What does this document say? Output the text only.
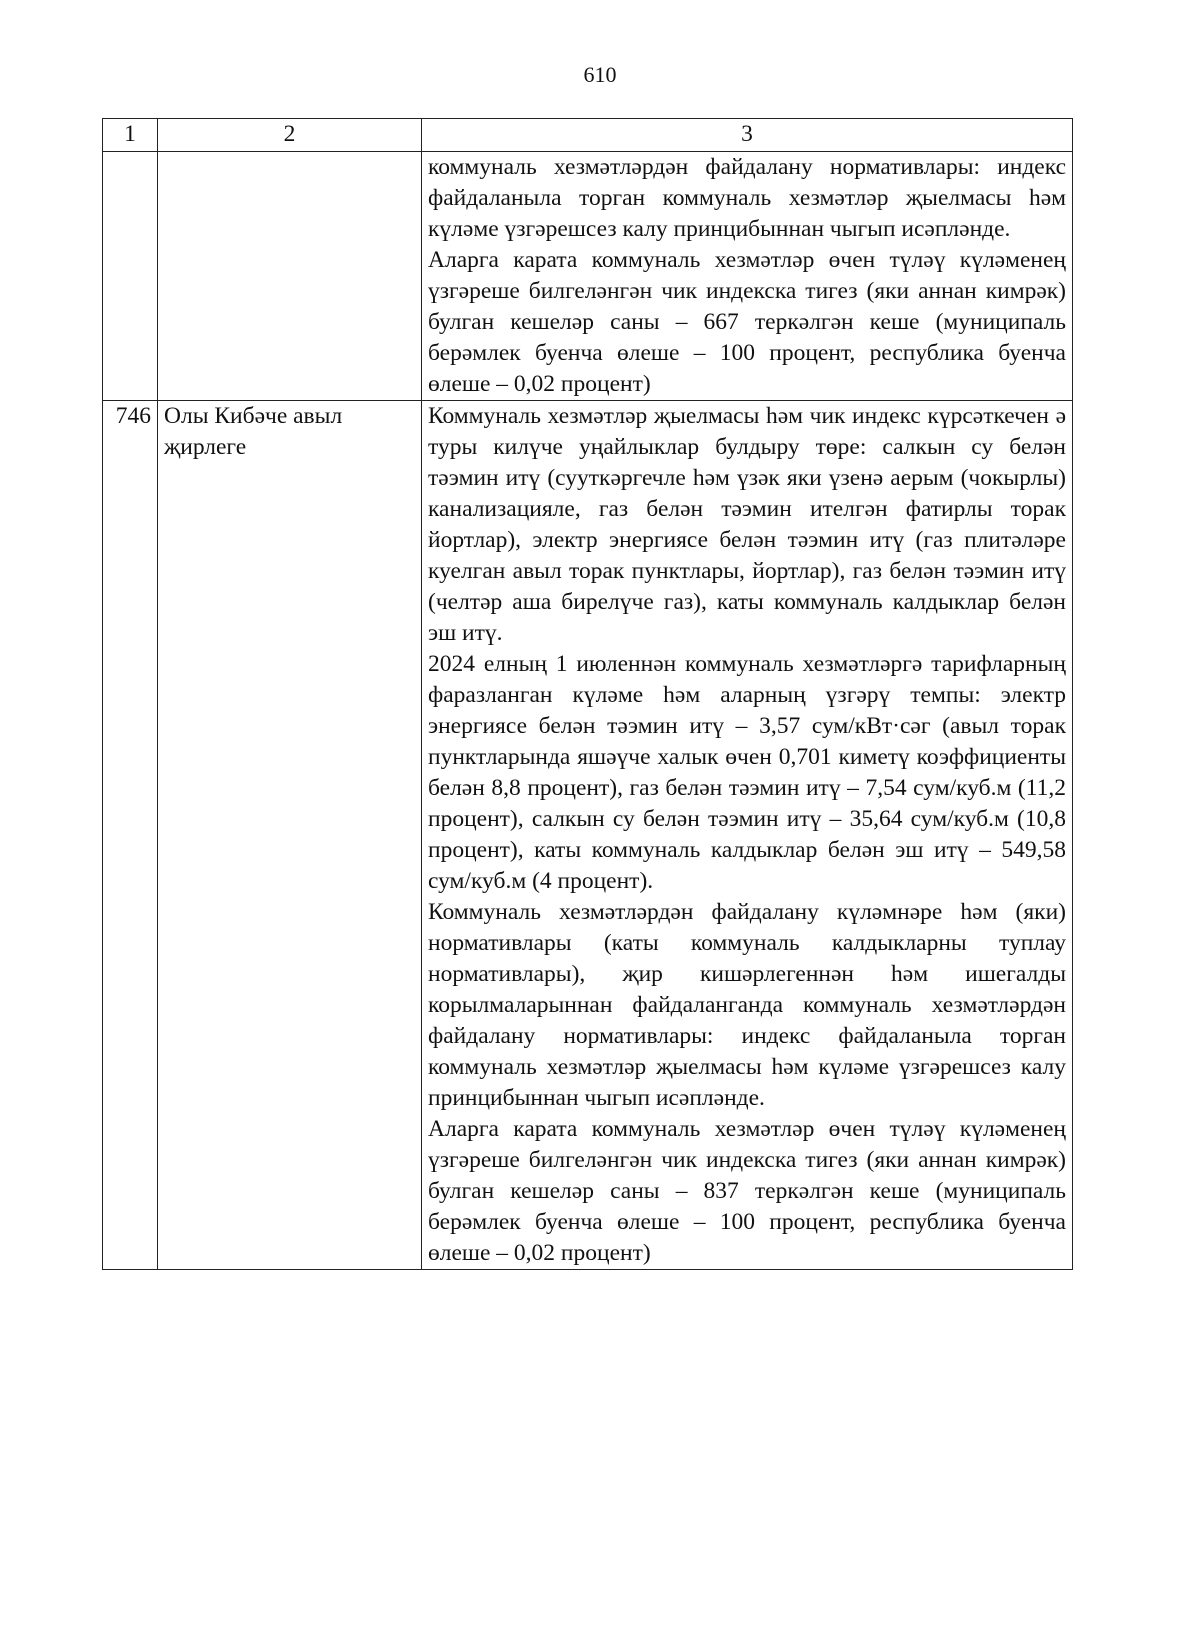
610
1	2	3

		коммуналь хезмәтләрдән файдалану нормативлары: индекс файдаланыла торган коммуналь хезмәтләр җыелмасы һәм күләме үзгәрешсез калу принцибыннан чыгып исәпләнде.

Аларга карата коммуналь хезмәтләр өчен түләү күләменең үзгәреше билгеләнгән чик индекска тигез (яки аннан кимрәк) булган кешеләр саны – 667 теркәлгән кеше (муниципаль берәмлек буенча өлеше – 100 процент, республика буенча өлеше – 0,02 процент)

746	Олы Кибәче авыл җирлеге	Коммуналь хезмәтләр җыелмасы һәм чик индекс күрсәткечен ә туры килүче уңайлыклар булдыру төре: салкын су белән тәэмин итү (сууткәргечле һәм үзәк яки үзенә аерым (чокырлы) канализацияле, газ белән тәэмин ителгән фатирлы торак йортлар), электр энергиясе белән тәэмин итү (газ плитәләре куелган авыл торак пунктлары, йортлар), газ белән тәэмин итү (челтәр аша бирелүче газ), каты коммуналь калдыклар белән эш итү.

2024 елның 1 июленнән коммуналь хезмәтләргә тарифларның фаразланган күләме һәм аларның үзгәрү темпы: электр энергиясе белән тәэмин итү – 3,57 сум/кВт·сәг (авыл торак пунктларында яшәүче халык өчен 0,701 киметү коэффициенты белән 8,8 процент), газ белән тәэмин итү – 7,54 сум/куб.м (11,2 процент), салкын су белән тәэмин итү – 35,64 сум/куб.м (10,8 процент), каты коммуналь калдыклар белән эш итү – 549,58 сум/куб.м (4 процент).

Коммуналь хезмәтләрдән файдалану күләмнәре һәм (яки) нормативлары (каты коммуналь калдыкларны туплау нормативлары), җир кишәрлегеннән һәм ишегалды корылмаларыннан файдаланганда коммуналь хезмәтләрдән файдалану нормативлары: индекс файдаланыла торган коммуналь хезмәтләр җыелмасы һәм күләме үзгәрешсез калу принцибыннан чыгып исәпләнде.

Аларга карата коммуналь хезмәтләр өчен түләү күләменең үзгәреше билгеләнгән чик индекска тигез (яки аннан кимрәк) булган кешеләр саны – 837 теркәлгән кеше (муниципаль берәмлек буенча өлеше – 100 процент, республика буенча өлеше – 0,02 процент)
